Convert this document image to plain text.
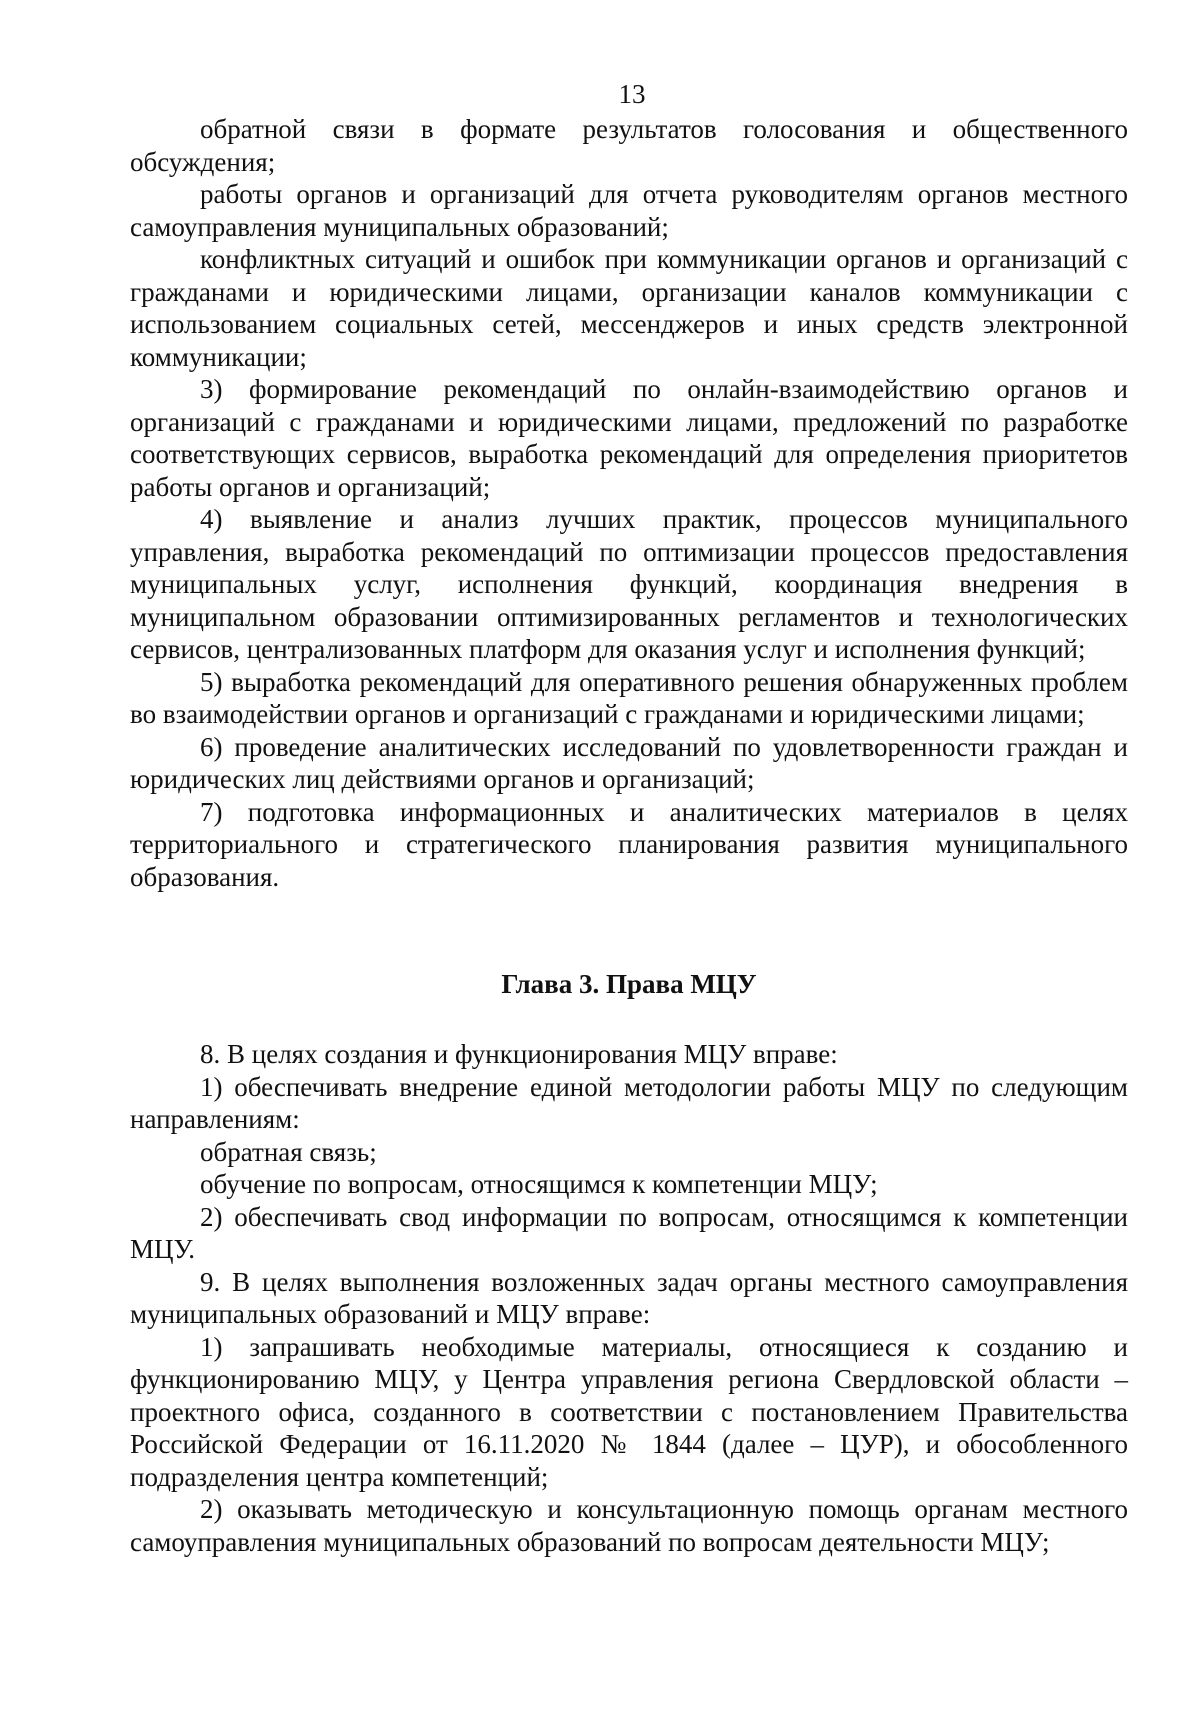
13

обратной связи в формате результатов голосования и общественного обсуждения;

работы органов и организаций для отчета руководителям органов местного самоуправления муниципальных образований;

конфликтных ситуаций и ошибок при коммуникации органов и организаций с гражданами и юридическими лицами, организации каналов коммуникации с использованием социальных сетей, мессенджеров и иных средств электронной коммуникации;

3) формирование рекомендаций по онлайн-взаимодействию органов и организаций с гражданами и юридическими лицами, предложений по разработке соответствующих сервисов, выработка рекомендаций для определения приоритетов работы органов и организаций;

4) выявление и анализ лучших практик, процессов муниципального управления, выработка рекомендаций по оптимизации процессов предоставления муниципальных услуг, исполнения функций, координация внедрения в муниципальном образовании оптимизированных регламентов и технологических сервисов, централизованных платформ для оказания услуг и исполнения функций;

5) выработка рекомендаций для оперативного решения обнаруженных проблем во взаимодействии органов и организаций с гражданами и юридическими лицами;

6) проведение аналитических исследований по удовлетворенности граждан и юридических лиц действиями органов и организаций;

7) подготовка информационных и аналитических материалов в целях территориального и стратегического планирования развития муниципального образования.

Глава 3. Права МЦУ

8. В целях создания и функционирования МЦУ вправе:

1) обеспечивать внедрение единой методологии работы МЦУ по следующим направлениям:

обратная связь;

обучение по вопросам, относящимся к компетенции МЦУ;

2) обеспечивать свод информации по вопросам, относящимся к компетенции МЦУ.

9. В целях выполнения возложенных задач органы местного самоуправления муниципальных образований и МЦУ вправе:

1) запрашивать необходимые материалы, относящиеся к созданию и функционированию МЦУ, у Центра управления региона Свердловской области – проектного офиса, созданного в соответствии с постановлением Правительства Российской Федерации от 16.11.2020 № 1844 (далее – ЦУР), и обособленного подразделения центра компетенций;

2) оказывать методическую и консультационную помощь органам местного самоуправления муниципальных образований по вопросам деятельности МЦУ;
